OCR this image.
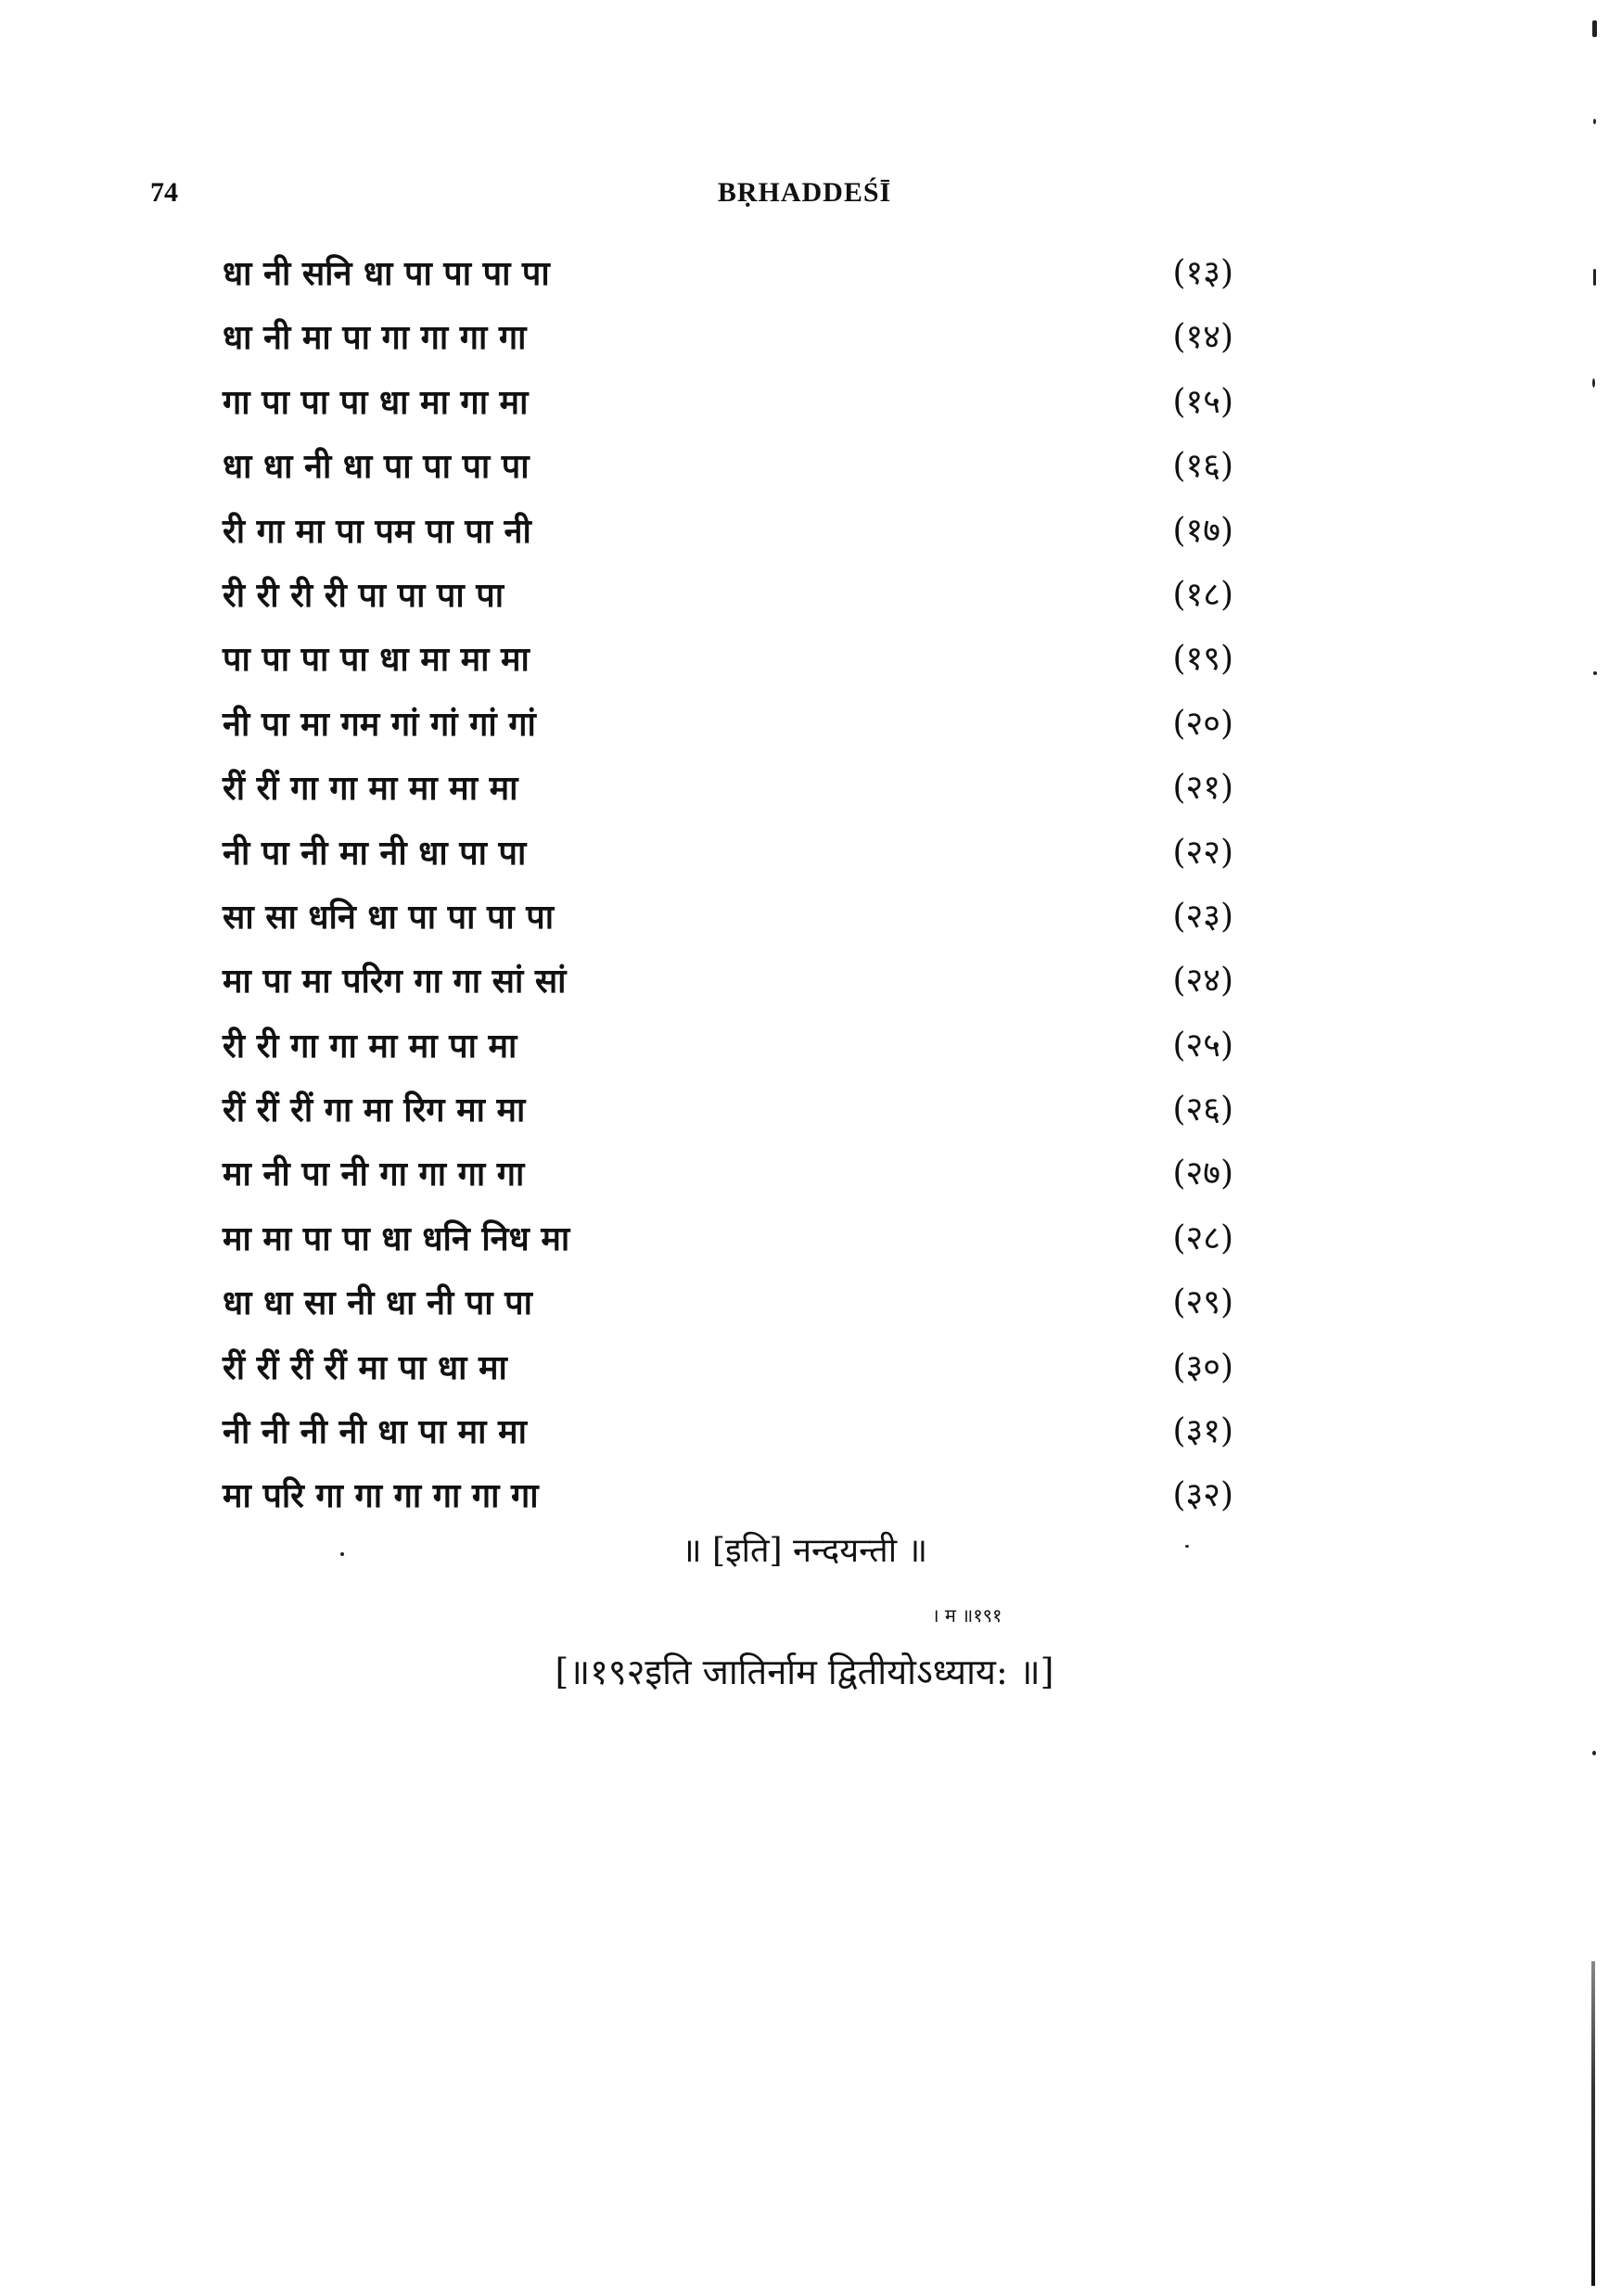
74	BṚHADDEŚĪ
धा नी सनि धा पा पा पा पा	(१३)
धा नी मा पा गा गा गा गा	(१४)
गा पा पा पा धा मा गा मा	(१५)
धा धा नी धा पा पा पा पा	(१६)
री गा मा पा पम पा पा नी	(१७)
री री री री पा पा पा पा	(१८)
पा पा पा पा धा मा मा मा	(१९)
नी पा मा गम गां गां गां गां	(२०)
रीं रीं गा गा मा मा मा मा	(२१)
नी पा नी मा नी धा पा पा	(२२)
सा सा धनि धा पा पा पा पा	(२३)
मा पा मा परिग गा गा सां सां	(२४)
री री गा गा मा मा पा मा	(२५)
रीं रीं रीं गा मा रिग मा मा	(२६)
मा नी पा नी गा गा गा गा	(२७)
मा मा पा पा धा धनि निध मा	(२८)
धा धा सा नी धा नी पा पा	(२९)
रीं रीं रीं रीं मा पा धा मा	(३०)
नी नी नी नी धा पा मा मा	(३१)
मा परि गा गा गा गा गा गा	(३२)
॥ [इति] नन्दयन्ती ॥
। म ॥१९१
[॥१९२इति जातिर्नाम द्वितीयोऽध्याय: ॥]
